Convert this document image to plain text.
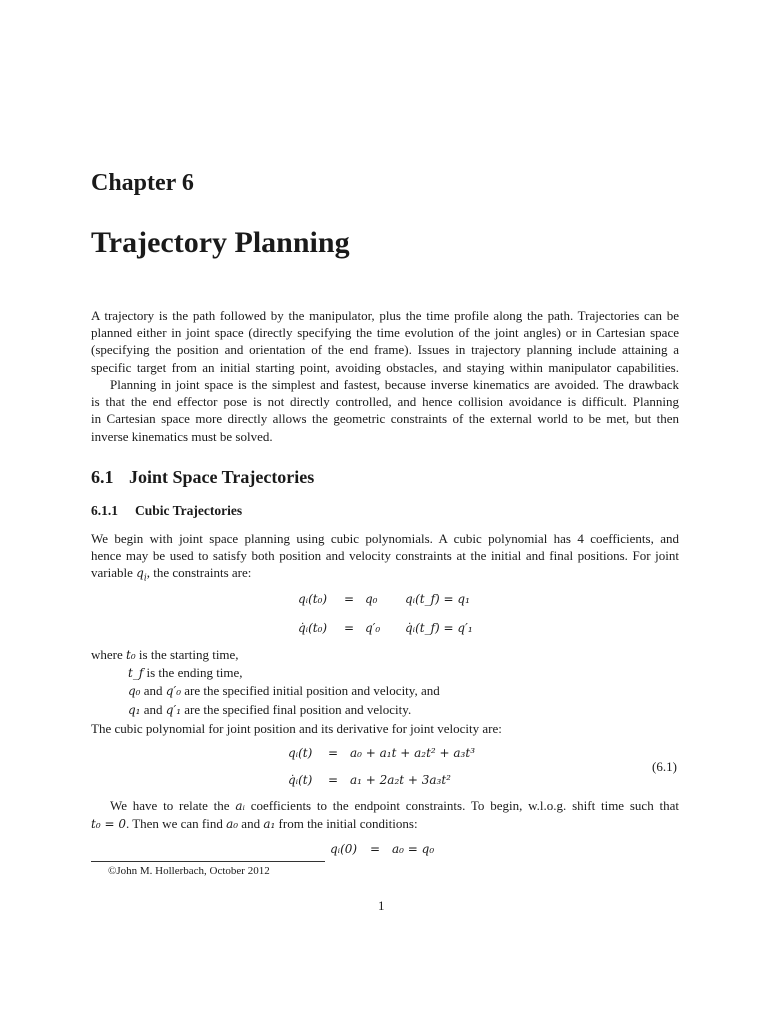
Chapter 6
Trajectory Planning
A trajectory is the path followed by the manipulator, plus the time profile along the path. Trajectories can be
planned either in joint space (directly specifying the time evolution of the joint angles) or in Cartesian space
(specifying the position and orientation of the end frame). Issues in trajectory planning include attaining a
specific target from an initial starting point, avoiding obstacles, and staying within manipulator capabilities.
Planning in joint space is the simplest and fastest, because inverse kinematics are avoided. The drawback
is that the end effector pose is not directly controlled, and hence collision avoidance is difficult. Planning
in Cartesian space more directly allows the geometric constraints of the external world to be met, but then
inverse kinematics must be solved.
6.1 Joint Space Trajectories
6.1.1 Cubic Trajectories
We begin with joint space planning using cubic polynomials. A cubic polynomial has 4 coefficients, and
hence may be used to satisfy both position and velocity constraints at the initial and final positions. For joint
variable $q_i$, the constraints are:
qᵢ(t₀) = q₀ qᵢ(t_f) = q₁
q̇ᵢ(t₀) = q′₀ q̇ᵢ(t_f) = q′₁
where t₀ is the starting time,
t_f is the ending time,
q₀ and q′₀ are the specified initial position and velocity, and
q₁ and q′₁ are the specified final position and velocity.
The cubic polynomial for joint position and its derivative for joint velocity are:
qᵢ(t) = a₀ + a₁t + a₂t² + a₃t³
q̇ᵢ(t) = a₁ + 2a₂t + 3a₃t²
(6.1)
We have to relate the aᵢ coefficients to the endpoint constraints. To begin, w.l.o.g. shift time such that
t₀ = 0. Then we can find a₀ and a₁ from the initial conditions:
qᵢ(0) = a₀ = q₀
©John M. Hollerbach, October 2012
1
